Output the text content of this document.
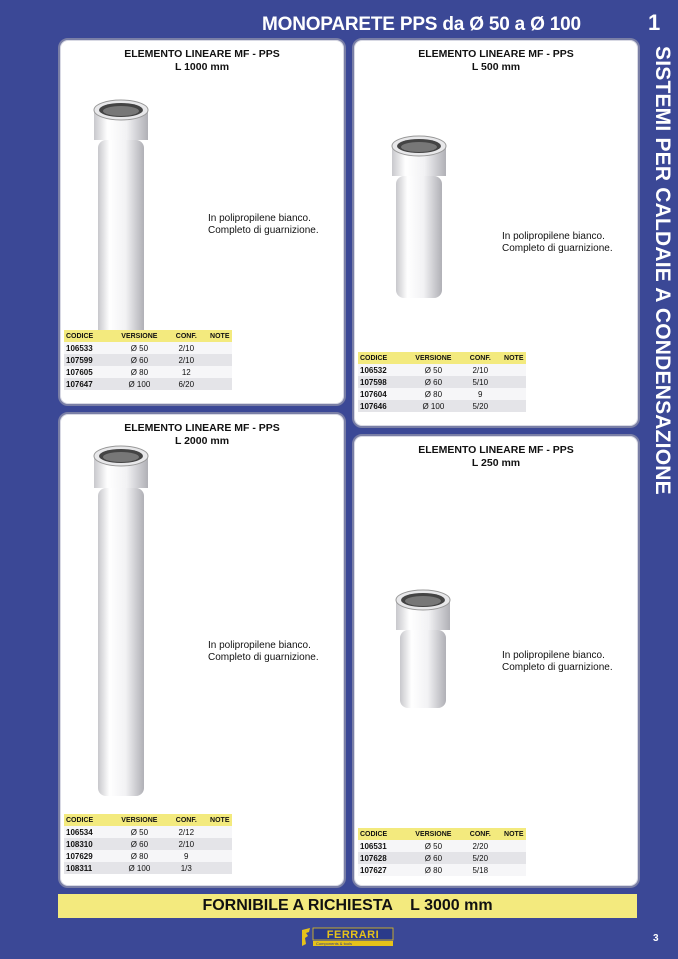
MONOPARETE PPS da Ø 50 a Ø 100	1
SISTEMI PER CALDAIE A CONDENSAZIONE
ELEMENTO LINEARE MF - PPS
L 1000 mm
In polipropilene bianco.
Completo di guarnizione.
CODICE	VERSIONE	CONF.	NOTE
106533	Ø 50	2/10	
107599	Ø 60	2/10	
107605	Ø 80	12	
107647	Ø 100	6/20	
ELEMENTO LINEARE MF - PPS
L 500 mm
In polipropilene bianco.
Completo di guarnizione.
CODICE	VERSIONE	CONF.	NOTE
106532	Ø 50	2/10	
107598	Ø 60	5/10	
107604	Ø 80	9	
107646	Ø 100	5/20	
ELEMENTO LINEARE MF - PPS
L 2000 mm
In polipropilene bianco.
Completo di guarnizione.
CODICE	VERSIONE	CONF.	NOTE
106534	Ø 50	2/12	
108310	Ø 60	2/10	
107629	Ø 80	9	
108311	Ø 100	1/3	
ELEMENTO LINEARE MF - PPS
L 250 mm
In polipropilene bianco.
Completo di guarnizione.
CODICE	VERSIONE	CONF.	NOTE
106531	Ø 50	2/20	
107628	Ø 60	5/20	
107627	Ø 80	5/18	
FORNIBILE A RICHIESTA    L 3000 mm
FERRARI
Components & tools	3
